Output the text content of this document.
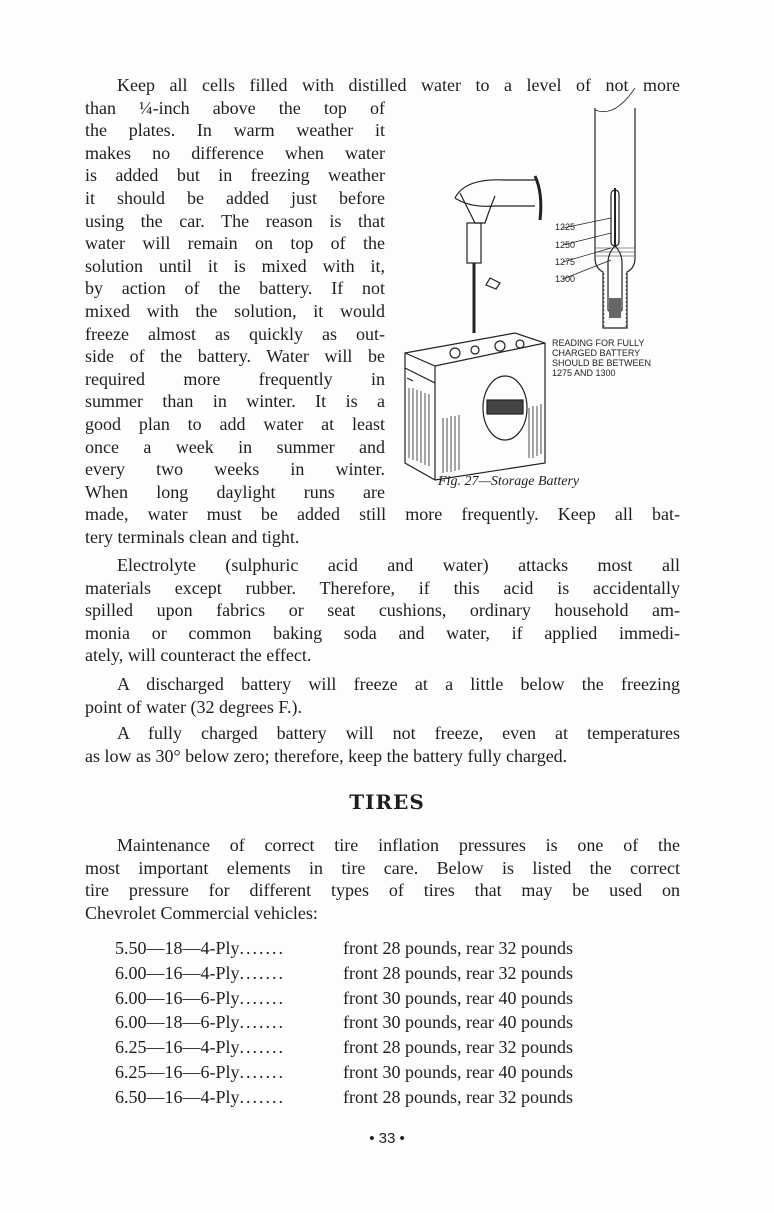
Keep all cells filled with distilled water to a level of not more
than ¼-inch above the top of
the plates. In warm weather it
makes no difference when water
is added but in freezing weather
it should be added just before
using the car. The reason is that
water will remain on top of the
solution until it is mixed with it,
by action of the battery. If not
mixed with the solution, it would
freeze almost as quickly as out-
side of the battery. Water will be
required more frequently in
summer than in winter. It is a
good plan to add water at least
once a week in summer and
every two weeks in winter.
When long daylight runs are
made, water must be added still more frequently. Keep all bat-
tery terminals clean and tight.
Electrolyte (sulphuric acid and water) attacks most all
materials except rubber. Therefore, if this acid is accidentally
spilled upon fabrics or seat cushions, ordinary household am-
monia or common baking soda and water, if applied immedi-
ately, will counteract the effect.
A discharged battery will freeze at a little below the freezing
point of water (32 degrees F.).
A fully charged battery will not freeze, even at temperatures
as low as 30° below zero; therefore, keep the battery fully charged.
Maintenance of correct tire inflation pressures is one of the
most important elements in tire care. Below is listed the correct
tire pressure for different types of tires that may be used on
Chevrolet Commercial vehicles:
1225
1250
1275
1300
READING FOR FULLY
CHARGED BATTERY
SHOULD BE BETWEEN
1275 AND 1300
Fig. 27—Storage Battery
TIRES
5.50—18—4-Ply.......	front 28 pounds, rear 32 pounds
6.00—16—4-Ply.......	front 28 pounds, rear 32 pounds
6.00—16—6-Ply.......	front 30 pounds, rear 40 pounds
6.00—18—6-Ply.......	front 30 pounds, rear 40 pounds
6.25—16—4-Ply.......	front 28 pounds, rear 32 pounds
6.25—16—6-Ply.......	front 30 pounds, rear 40 pounds
6.50—16—4-Ply.......	front 28 pounds, rear 32 pounds
• 33 •
